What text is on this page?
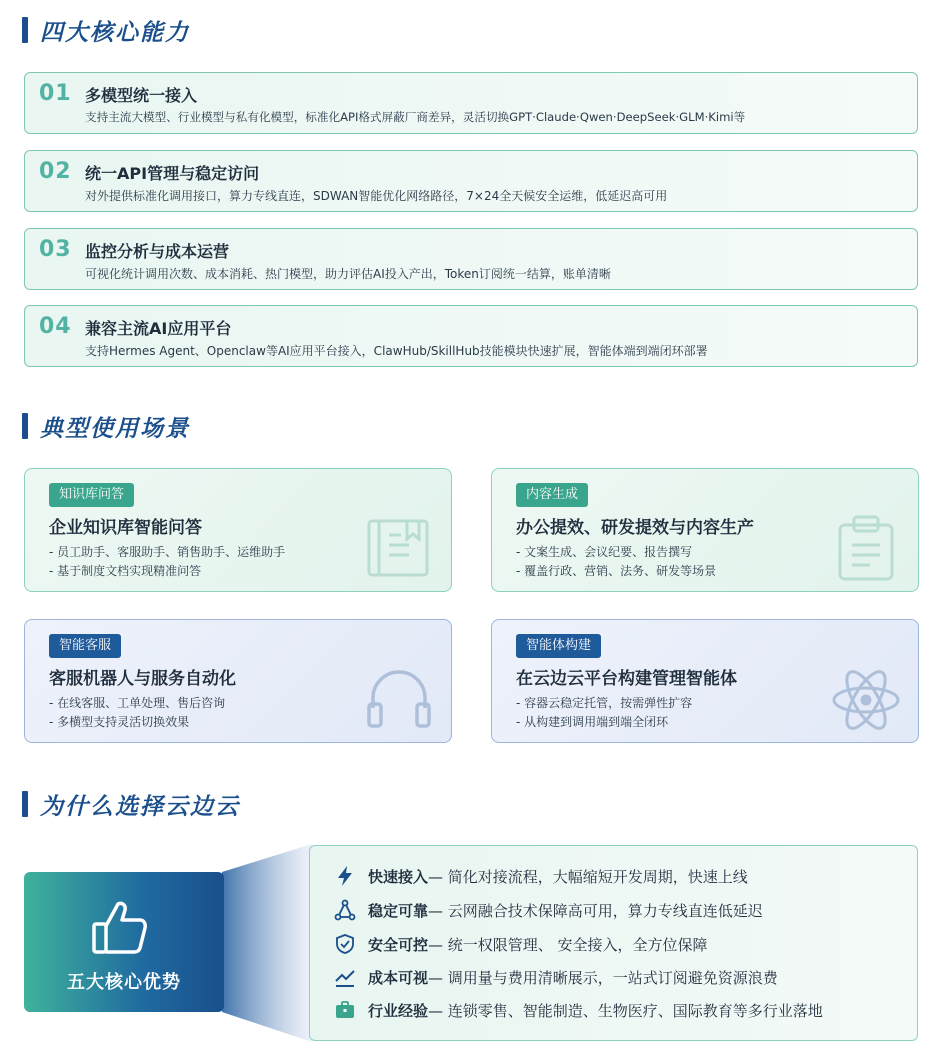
四大核心能力
01 多模型统一接入
支持主流大模型、行业模型与私有化模型，标准化API格式屏蔽厂商差异，灵活切换GPT·Claude·Qwen·DeepSeek·GLM·Kimi等
02 统一API管理与稳定访问
对外提供标准化调用接口，算力专线直连，SDWAN智能优化网络路径，7×24全天候安全运维，低延迟高可用
03 监控分析与成本运营
可视化统计调用次数、成本消耗、热门模型，助力评估AI投入产出，Token订阅统一结算，账单清晰
04 兼容主流AI应用平台
支持Hermes Agent、Openclaw等AI应用平台接入，ClawHub/SkillHub技能模块快速扩展，智能体端到端闭环部署
典型使用场景
知识库问答
企业知识库智能问答
- 员工助手、客服助手、销售助手、运维助手
- 基于制度文档实现精准问答
内容生成
办公提效、研发提效与内容生产
- 文案生成、会议纪要、报告撰写
- 覆盖行政、营销、法务、研发等场景
智能客服
客服机器人与服务自动化
- 在线客服、工单处理、售后咨询
- 多横型支持灵活切换效果
智能体构建
在云边云平台构建管理智能体
- 容器云稳定托管，按需弹性扩容
- 从构建到调用端到端全闭环
为什么选择云边云
五大核心优势
快速接入 — 简化对接流程，大幅缩短开发周期，快速上线
稳定可靠 — 云网融合技术保障高可用，算力专线直连低延迟
安全可控 — 统一权限管理、 安全接入，全方位保障
成本可视 — 调用量与费用清晰展示，一站式订阅避免资源浪费
行业经验 — 连锁零售、智能制造、生物医疗、国际教育等多行业落地
